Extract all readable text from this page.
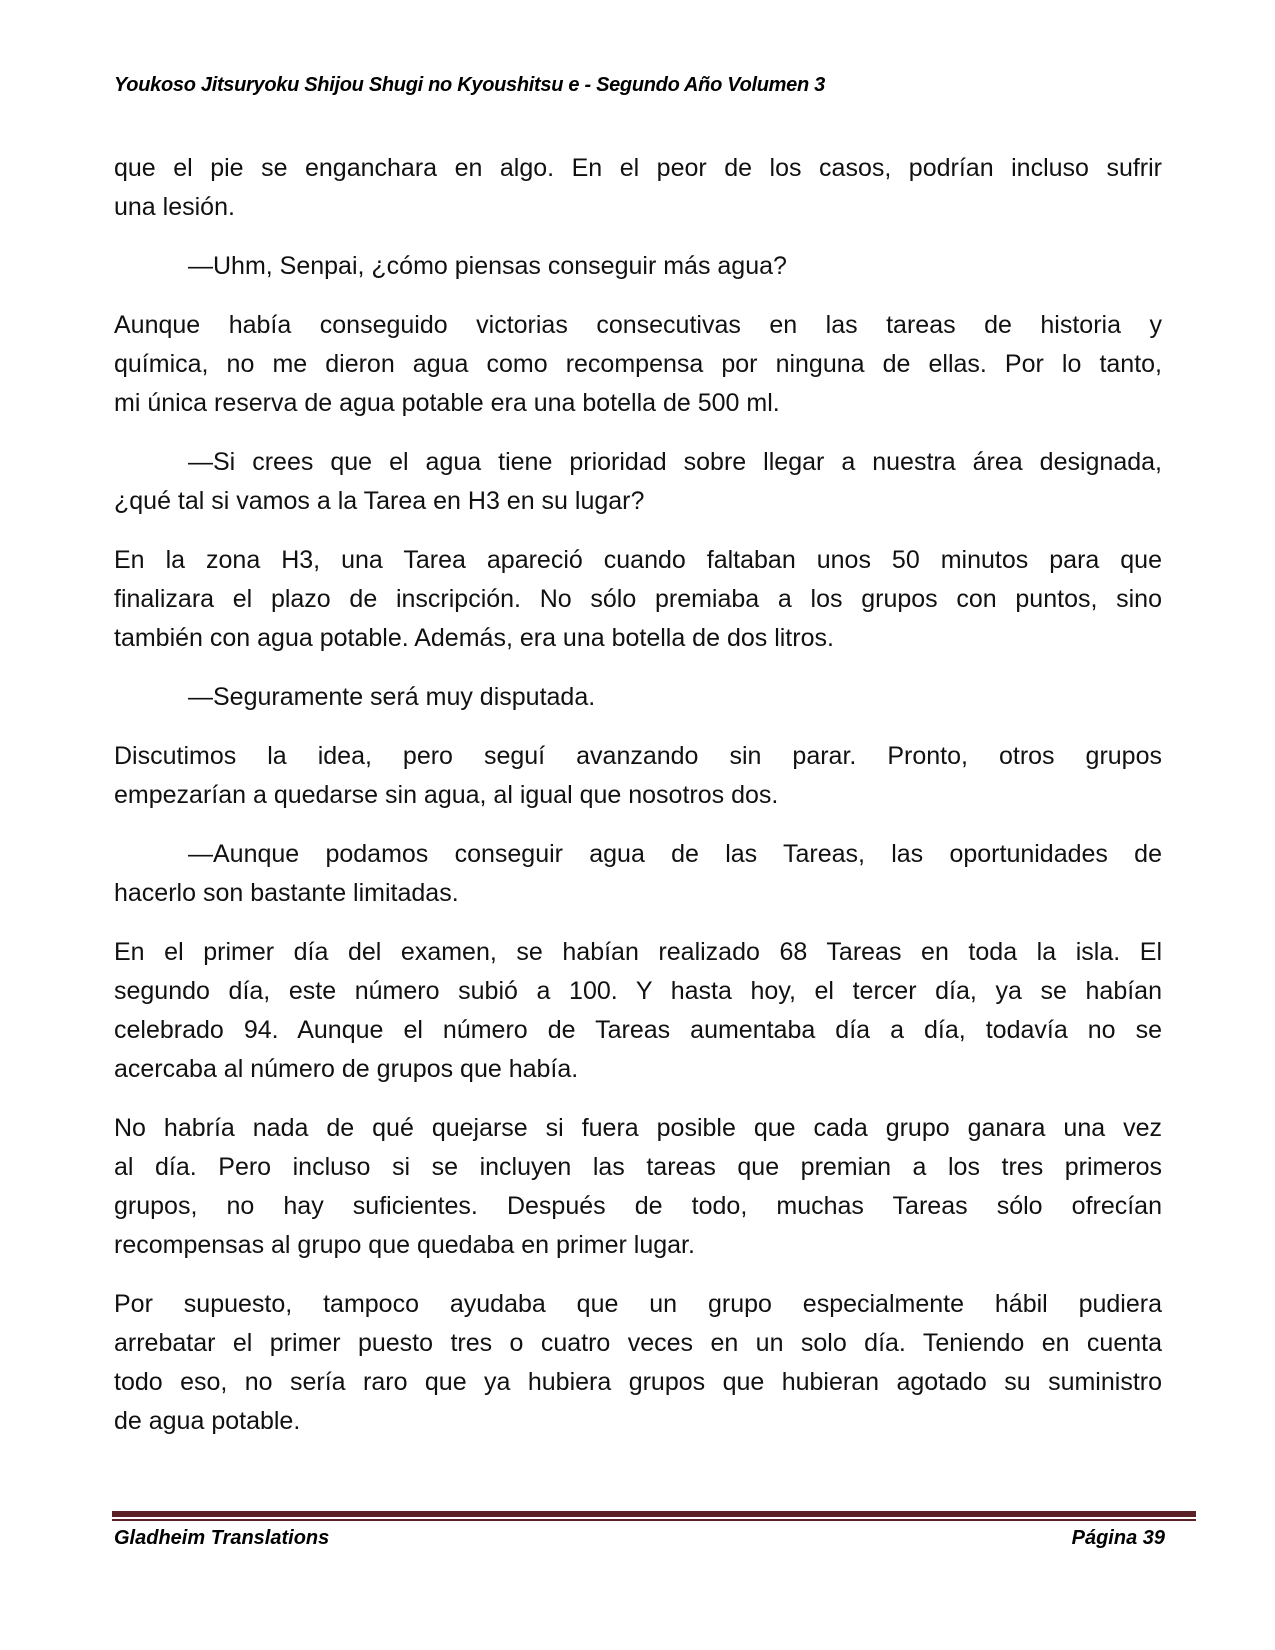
Youkoso Jitsuryoku Shijou Shugi no Kyoushitsu e - Segundo Año Volumen 3
que el pie se enganchara en algo. En el peor de los casos, podrían incluso sufrir
una lesión.
—Uhm, Senpai, ¿cómo piensas conseguir más agua?
Aunque había conseguido victorias consecutivas en las tareas de historia y
química, no me dieron agua como recompensa por ninguna de ellas. Por lo tanto,
mi única reserva de agua potable era una botella de 500 ml.
—Si crees que el agua tiene prioridad sobre llegar a nuestra área designada,
¿qué tal si vamos a la Tarea en H3 en su lugar?
En la zona H3, una Tarea apareció cuando faltaban unos 50 minutos para que
finalizara el plazo de inscripción. No sólo premiaba a los grupos con puntos, sino
también con agua potable. Además, era una botella de dos litros.
—Seguramente será muy disputada.
Discutimos la idea, pero seguí avanzando sin parar. Pronto, otros grupos
empezarían a quedarse sin agua, al igual que nosotros dos.
—Aunque podamos conseguir agua de las Tareas, las oportunidades de
hacerlo son bastante limitadas.
En el primer día del examen, se habían realizado 68 Tareas en toda la isla. El
segundo día, este número subió a 100. Y hasta hoy, el tercer día, ya se habían
celebrado 94. Aunque el número de Tareas aumentaba día a día, todavía no se
acercaba al número de grupos que había.
No habría nada de qué quejarse si fuera posible que cada grupo ganara una vez
al día. Pero incluso si se incluyen las tareas que premian a los tres primeros
grupos, no hay suficientes. Después de todo, muchas Tareas sólo ofrecían
recompensas al grupo que quedaba en primer lugar.
Por supuesto, tampoco ayudaba que un grupo especialmente hábil pudiera
arrebatar el primer puesto tres o cuatro veces en un solo día. Teniendo en cuenta
todo eso, no sería raro que ya hubiera grupos que hubieran agotado su suministro
de agua potable.
Gladheim Translations	Página 39
